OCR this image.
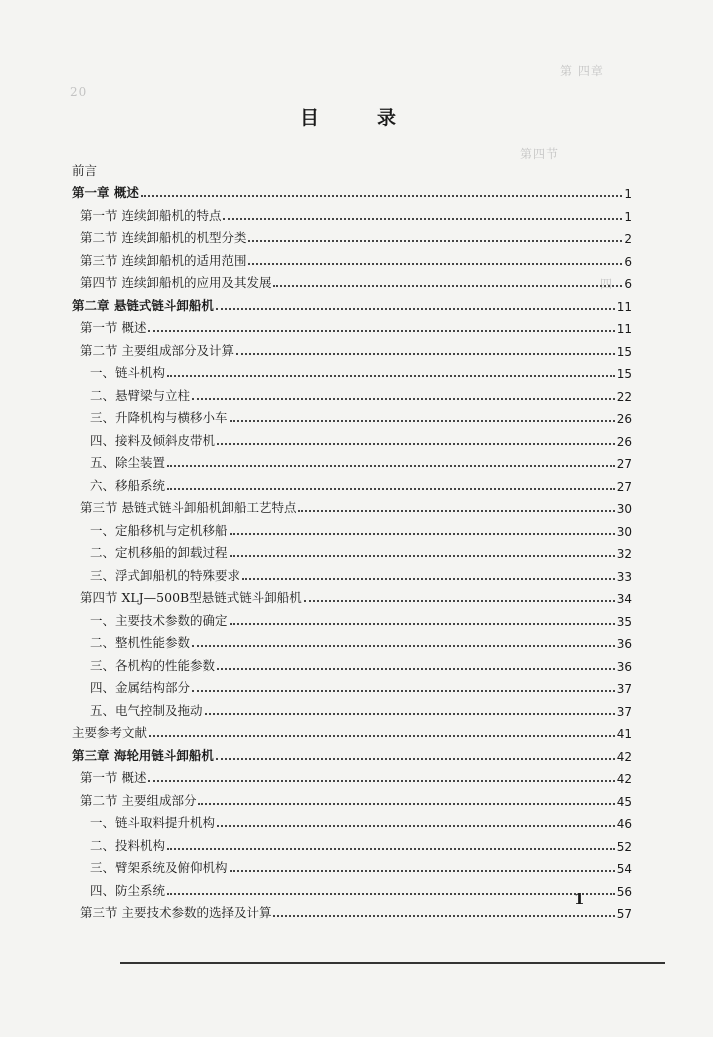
第 四章
20
四
第四节
目录
前言
第一章 概述	1
第一节 连续卸船机的特点	1
第二节 连续卸船机的机型分类	2
第三节 连续卸船机的适用范围	6
第四节 连续卸船机的应用及其发展	6
第二章 悬链式链斗卸船机	11
第一节 概述	11
第二节 主要组成部分及计算	15
一、链斗机构	15
二、悬臂梁与立柱	22
三、升降机构与横移小车	26
四、接料及倾斜皮带机	26
五、除尘装置	27
六、移船系统	27
第三节 悬链式链斗卸船机卸船工艺特点	30
一、定船移机与定机移船	30
二、定机移船的卸载过程	32
三、浮式卸船机的特殊要求	33
第四节 XLJ—500B型悬链式链斗卸船机	34
一、主要技术参数的确定	35
二、整机性能参数	36
三、各机构的性能参数	36
四、金属结构部分	37
五、电气控制及拖动	37
主要参考文献	41
第三章 海轮用链斗卸船机	42
第一节 概述	42
第二节 主要组成部分	45
一、链斗取料提升机构	46
二、投料机构	52
三、臂架系统及俯仰机构	54
四、防尘系统	56
第三节 主要技术参数的选择及计算	57
1
